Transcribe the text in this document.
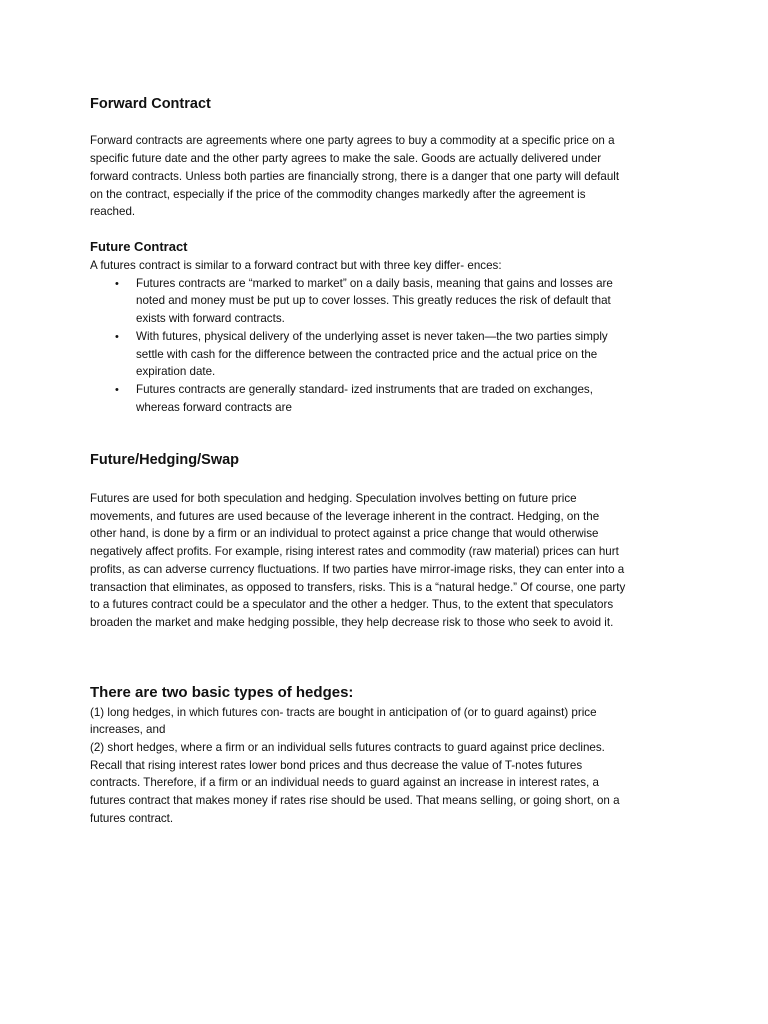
Forward Contract
Forward contracts are agreements where one party agrees to buy a commodity at a specific price on a
specific future date and the other party agrees to make the sale. Goods are actually delivered under
forward contracts. Unless both parties are financially strong, there is a danger that one party will default
on the contract, especially if the price of the commodity changes markedly after the agreement is
reached.
Future Contract
A futures contract is similar to a forward contract but with three key differ- ences:
• Futures contracts are “marked to market” on a daily basis, meaning that gains and losses are
noted and money must be put up to cover losses. This greatly reduces the risk of default that
exists with forward contracts.
• With futures, physical delivery of the underlying asset is never taken—the two parties simply
settle with cash for the difference between the contracted price and the actual price on the
expiration date.
• Futures contracts are generally standard- ized instruments that are traded on exchanges,
whereas forward contracts are
Future/Hedging/Swap
Futures are used for both speculation and hedging. Speculation involves betting on future price
movements, and futures are used because of the leverage inherent in the contract. Hedging, on the
other hand, is done by a firm or an individual to protect against a price change that would otherwise
negatively affect profits. For example, rising interest rates and commodity (raw material) prices can hurt
profits, as can adverse currency fluctuations. If two parties have mirror-image risks, they can enter into a
transaction that eliminates, as opposed to transfers, risks. This is a “natural hedge.” Of course, one party
to a futures contract could be a speculator and the other a hedger. Thus, to the extent that speculators
broaden the market and make hedging possible, they help decrease risk to those who seek to avoid it.
There are two basic types of hedges:
(1) long hedges, in which futures con- tracts are bought in anticipation of (or to guard against) price
increases, and
(2) short hedges, where a firm or an individual sells futures contracts to guard against price declines.
Recall that rising interest rates lower bond prices and thus decrease the value of T-notes futures
contracts. Therefore, if a firm or an individual needs to guard against an increase in interest rates, a
futures contract that makes money if rates rise should be used. That means selling, or going short, on a
futures contract.
